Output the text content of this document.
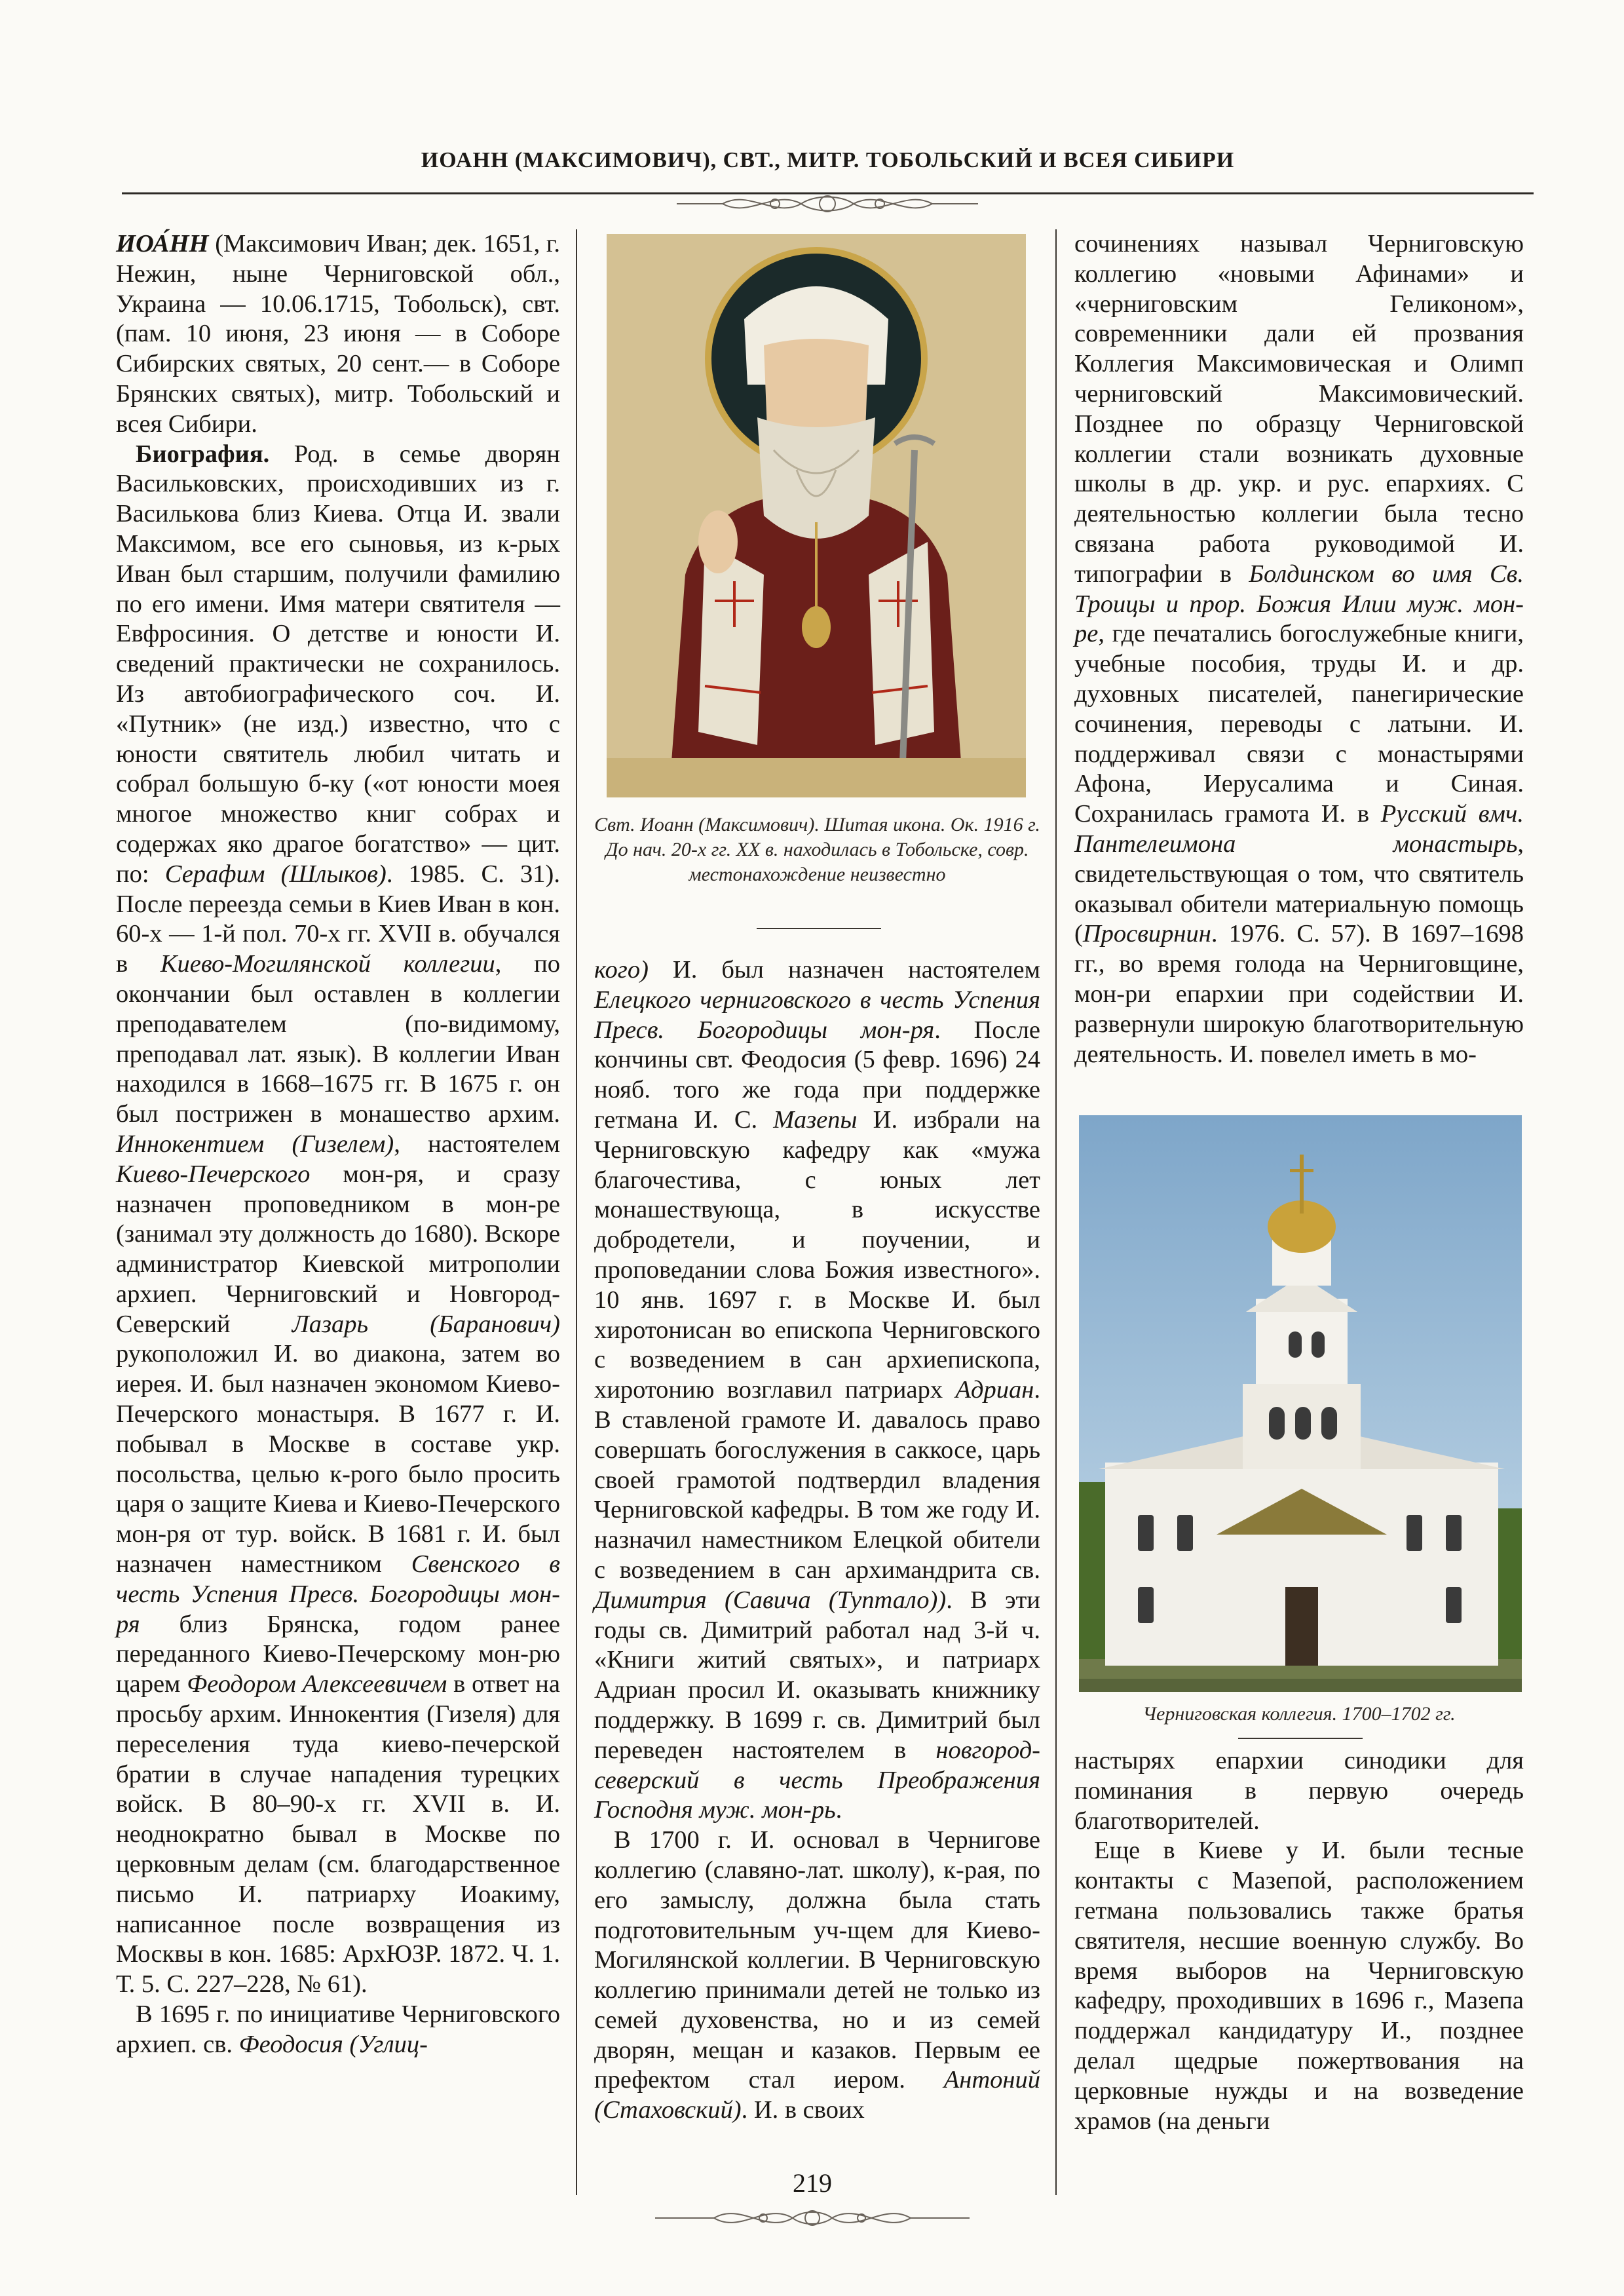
ИОАНН (МАКСИМОВИЧ), СВТ., МИТР. ТОБОЛЬСКИЙ И ВСЕЯ СИБИРИ

ИОА́НН (Максимович Иван; дек. 1651, г. Нежин, ныне Черниговской обл., Украина — 10.06.1715, Тобольск), свт. (пам. 10 июня, 23 июня — в Соборе Сибирских святых, 20 сент.— в Соборе Брянских святых), митр. Тобольский и всея Сибири.

Биография. Род. в семье дворян Васильковских, происходивших из г. Василькова близ Киева. Отца И. звали Максимом, все его сыновья, из к-рых Иван был старшим, получили фамилию по его имени. Имя матери святителя — Евфросиния. О детстве и юности И. сведений практически не сохранилось. Из автобиографического соч. И. «Путник» (не изд.) известно, что с юности святитель любил читать и собрал большую б-ку («от юности моея многое множество книг собрах и содержах яко драгое богатство» — цит. по: Серафим (Шлыков). 1985. С. 31). После переезда семьи в Киев Иван в кон. 60-х — 1-й пол. 70-х гг. XVII в. обучался в Киево-Могилянской коллегии, по окончании был оставлен в коллегии преподавателем (по-видимому, преподавал лат. язык). В коллегии Иван находился в 1668–1675 гг. В 1675 г. он был пострижен в монашество архим. Иннокентием (Гизелем), настоятелем Киево-Печерского мон-ря, и сразу назначен проповедником в мон-ре (занимал эту должность до 1680). Вскоре администратор Киевской митрополии архиеп. Черниговский и Новгород-Северский Лазарь (Баранович) рукоположил И. во диакона, затем во иерея. И. был назначен экономом Киево-Печерского монастыря. В 1677 г. И. побывал в Москве в составе укр. посольства, целью к-рого было просить царя о защите Киева и Киево-Печерского мон-ря от тур. войск. В 1681 г. И. был назначен наместником Свенского в честь Успения Пресв. Богородицы мон-ря близ Брянска, годом ранее переданного Киево-Печерскому мон-рю царем Феодором Алексеевичем в ответ на просьбу архим. Иннокентия (Гизеля) для переселения туда киево-печерской братии в случае нападения турецких войск. В 80–90-х гг. XVII в. И. неоднократно бывал в Москве по церковным делам (см. благодарственное письмо И. патриарху Иоакиму, написанное после возвращения из Москвы в кон. 1685: АрхЮЗР. 1872. Ч. 1. Т. 5. С. 227–228, № 61).

В 1695 г. по инициативе Черниговского архиеп. св. Феодосия (Углиц-

Свт. Иоанн (Максимович). Шитая икона. Ок. 1916 г. До нач. 20-х гг. XX в. находилась в Тобольске, совр. местонахождение неизвестно

кого) И. был назначен настоятелем Елецкого черниговского в честь Успения Пресв. Богородицы мон-ря. После кончины свт. Феодосия (5 февр. 1696) 24 нояб. того же года при поддержке гетмана И. С. Мазепы И. избрали на Черниговскую кафедру как «мужа благочестива, с юных лет монашествующа, в искусстве добродетели, и поучении, и проповедании слова Божия известного». 10 янв. 1697 г. в Москве И. был хиротонисан во епископа Черниговского с возведением в сан архиепископа, хиротонию возглавил патриарх Адриан. В ставленой грамоте И. давалось право совершать богослужения в саккосе, царь своей грамотой подтвердил владения Черниговской кафедры. В том же году И. назначил наместником Елецкой обители с возведением в сан архимандрита св. Димитрия (Савича (Туптало)). В эти годы св. Димитрий работал над 3-й ч. «Книги житий святых», и патриарх Адриан просил И. оказывать книжнику поддержку. В 1699 г. св. Димитрий был переведен настоятелем в новгород-северский в честь Преображения Господня муж. мон-рь.

В 1700 г. И. основал в Чернигове коллегию (славяно-лат. школу), к-рая, по его замыслу, должна была стать подготовительным уч-щем для Киево-Могилянской коллегии. В Черниговскую коллегию принимали детей не только из семей духовенства, но и из семей дворян, мещан и казаков. Первым ее префектом стал иером. Антоний (Стаховский). И. в своих

сочинениях называл Черниговскую коллегию «новыми Афинами» и «черниговским Геликоном», современники дали ей прозвания Коллегия Максимовическая и Олимп черниговский Максимовический. Позднее по образцу Черниговской коллегии стали возникать духовные школы в др. укр. и рус. епархиях. С деятельностью коллегии была тесно связана работа руководимой И. типографии в Болдинском во имя Св. Троицы и прор. Божия Илии муж. мон-ре, где печатались богослужебные книги, учебные пособия, труды И. и др. духовных писателей, панегирические сочинения, переводы с латыни. И. поддерживал связи с монастырями Афона, Иерусалима и Синая. Сохранилась грамота И. в Русский вмч. Пантелеимона монастырь, свидетельствующая о том, что святитель оказывал обители материальную помощь (Просвирнин. 1976. С. 57). В 1697–1698 гг., во время голода на Черниговщине, мон-ри епархии при содействии И. развернули широкую благотворительную деятельность. И. повелел иметь в мо-

Черниговская коллегия. 1700–1702 гг.

настырях епархии синодики для поминания в первую очередь благотворителей.

Еще в Киеве у И. были тесные контакты с Мазепой, расположением гетмана пользовались также братья святителя, несшие военную службу. Во время выборов на Черниговскую кафедру, проходивших в 1696 г., Мазепа поддержал кандидатуру И., позднее делал щедрые пожертвования на церковные нужды и на возведение храмов (на деньги

219
